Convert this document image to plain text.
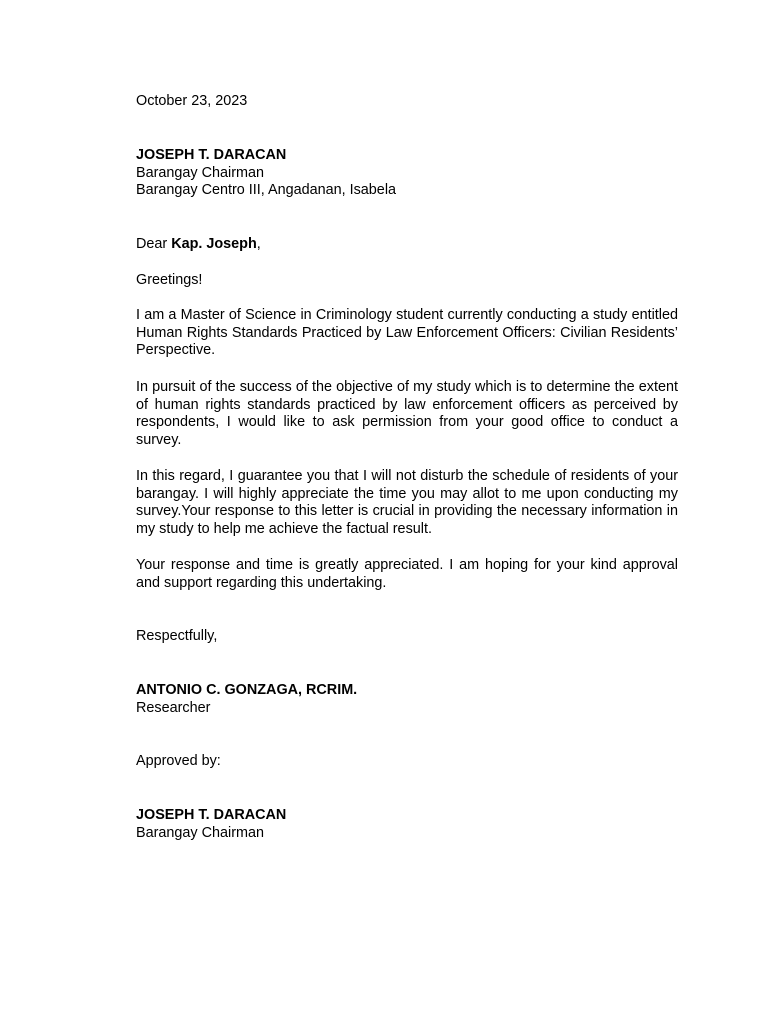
October 23, 2023

JOSEPH T. DARACAN
Barangay Chairman
Barangay Centro III, Angadanan, Isabela

Dear Kap. Joseph,

Greetings!

I am a Master of Science in Criminology student currently conducting a study entitled Human Rights Standards Practiced by Law Enforcement Officers: Civilian Residents’ Perspective.

In pursuit of the success of the objective of my study which is to determine the extent of human rights standards practiced by law enforcement officers as perceived by respondents, I would like to ask permission from your good office to conduct a survey.

In this regard, I guarantee you that I will not disturb the schedule of residents of your barangay. I will highly appreciate the time you may allot to me upon conducting my survey.Your response to this letter is crucial in providing the necessary information in my study to help me achieve the factual result.

Your response and time is greatly appreciated. I am hoping for your kind approval and support regarding this undertaking.

Respectfully,

ANTONIO C. GONZAGA, RCRIM.
Researcher

Approved by:

JOSEPH T. DARACAN
Barangay Chairman
